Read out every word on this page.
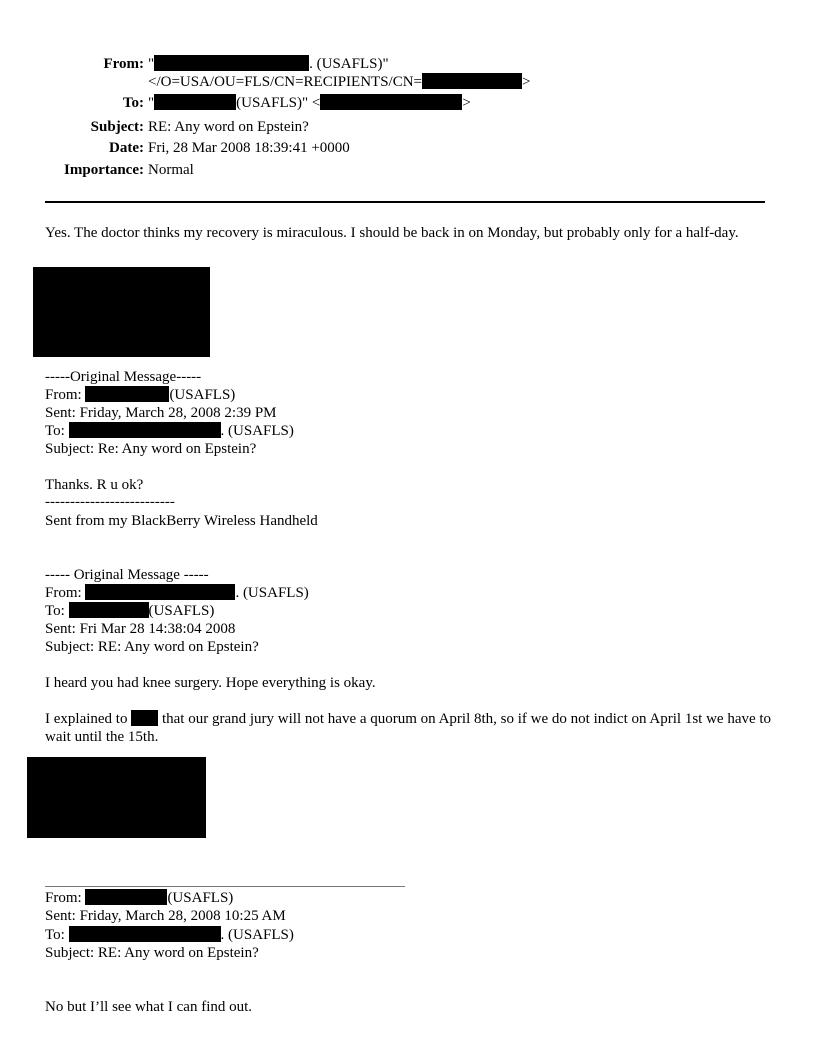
From: "	. (USAFLS)"
</O=USA/OU=FLS/CN=RECIPIENTS/CN=	>
To: "	(USAFLS)" <	>
Subject: RE: Any word on Epstein?
Date: Fri, 28 Mar 2008 18:39:41 +0000
Importance: Normal
Yes. The doctor thinks my recovery is miraculous. I should be back in on Monday, but probably only for a half-day.
-----Original Message-----
From:	(USAFLS)
Sent: Friday, March 28, 2008 2:39 PM
To:	. (USAFLS)
Subject: Re: Any word on Epstein?
Thanks. R u ok?
--------------------------
Sent from my BlackBerry Wireless Handheld
----- Original Message -----
From:	. (USAFLS)
To:	(USAFLS)
Sent: Fri Mar 28 14:38:04 2008
Subject: RE: Any word on Epstein?
I heard you had knee surgery. Hope everything is okay.
I explained to that our grand jury will not have a quorum on April 8th, so if we do not indict on April 1st we have to wait until the 15th.
From:	(USAFLS)
Sent: Friday, March 28, 2008 10:25 AM
To:	. (USAFLS)
Subject: RE: Any word on Epstein?
No but I’ll see what I can find out.
